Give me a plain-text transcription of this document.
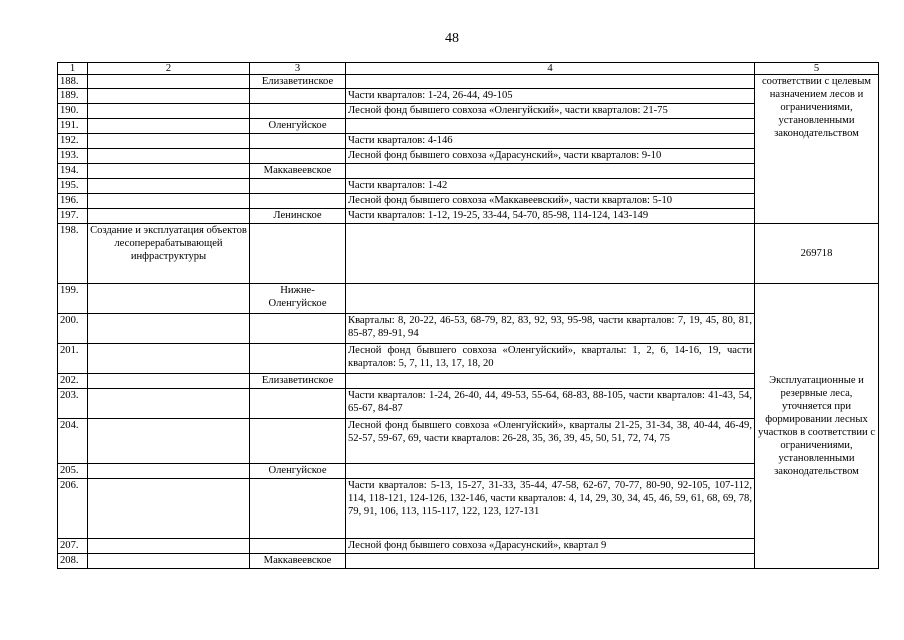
48
1	2	3	4	5
188.		Елизаветинское		соответствии с целевым назначением лесов и ограничениями, установленными законодательством
189.			Части кварталов: 1-24, 26-44, 49-105	
190.			Лесной фонд бывшего совхоза «Оленгуйский», части кварталов: 21-75	
191.		Оленгуйское		
192.			Части кварталов: 4-146	
193.			Лесной фонд бывшего совхоза «Дарасунский», части кварталов: 9-10	
194.		Маккавеевское		
195.			Части кварталов: 1-42	
196.			Лесной фонд бывшего совхоза «Маккавеевский», части кварталов: 5-10	
197.		Ленинское	Части кварталов: 1-12, 19-25, 33-44, 54-70, 85-98, 114-124, 143-149	
198.	Создание и эксплуатация объектов лесоперерабатывающей инфраструктуры			269718
199.		Нижне-Оленгуйское		Эксплуатационные и резервные леса, уточняется при формировании лесных участков в соответствии с ограничениями, установленными законодательством
200.			Кварталы: 8, 20-22, 46-53, 68-79, 82, 83, 92, 93, 95-98, части кварталов: 7, 19, 45, 80, 81, 85-87, 89-91, 94	
201.			Лесной фонд бывшего совхоза «Оленгуйский», кварталы: 1, 2, 6, 14-16, 19, части кварталов: 5, 7, 11, 13, 17, 18, 20	
202.		Елизаветинское		
203.			Части кварталов: 1-24, 26-40, 44, 49-53, 55-64, 68-83, 88-105, части кварталов: 41-43, 54, 65-67, 84-87	
204.			Лесной фонд бывшего совхоза «Оленгуйский», кварталы 21-25, 31-34, 38, 40-44, 46-49, 52-57, 59-67, 69, части кварталов: 26-28, 35, 36, 39, 45, 50, 51, 72, 74, 75	
205.		Оленгуйское		
206.			Части кварталов: 5-13, 15-27, 31-33, 35-44, 47-58, 62-67, 70-77, 80-90, 92-105, 107-112, 114, 118-121, 124-126, 132-146, части кварталов: 4, 14, 29, 30, 34, 45, 46, 59, 61, 68, 69, 78, 79, 91, 106, 113, 115-117, 122, 123, 127-131	
207.			Лесной фонд бывшего совхоза «Дарасунский», квартал 9	
208.		Маккавеевское		
